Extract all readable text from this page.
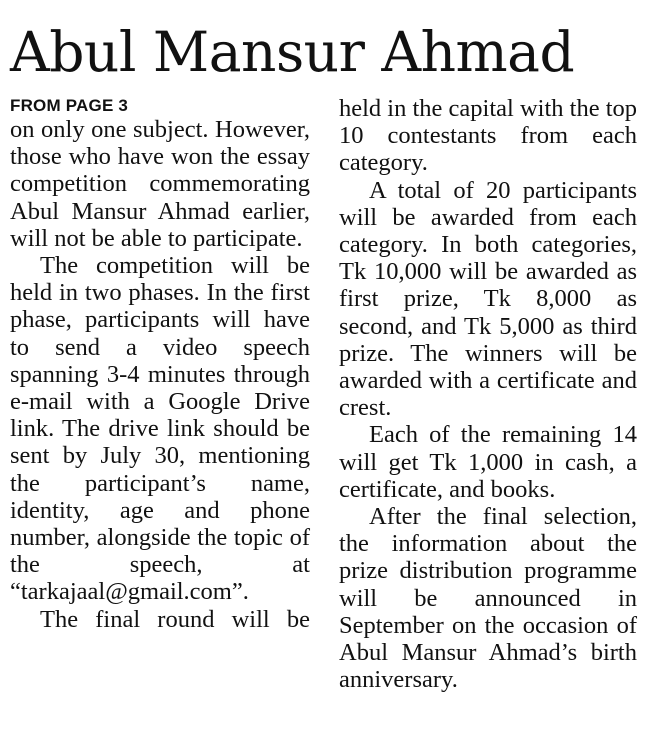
Abul Mansur Ahmad
FROM PAGE 3

on only one subject. However, those who have won the essay competition commemorating Abul Mansur Ahmad earlier, will not be able to participate.

The competition will be held in two phases. In the first phase, participants will have to send a video speech spanning 3-4 minutes through e-mail with a Google Drive link. The drive link should be sent by July 30, mentioning the participant’s name, identity, age and phone number, alongside the topic of the speech, at “tarkajaal@gmail.com”.

The final round will be

held in the capital with the top 10 contestants from each category.

A total of 20 participants will be awarded from each category. In both categories, Tk 10,000 will be awarded as first prize, Tk 8,000 as second, and Tk 5,000 as third prize. The winners will be awarded with a certificate and crest.

Each of the remaining 14 will get Tk 1,000 in cash, a certificate, and books.

After the final selection, the information about the prize distribution programme will be announced in September on the occasion of Abul Mansur Ahmad’s birth anniversary.
